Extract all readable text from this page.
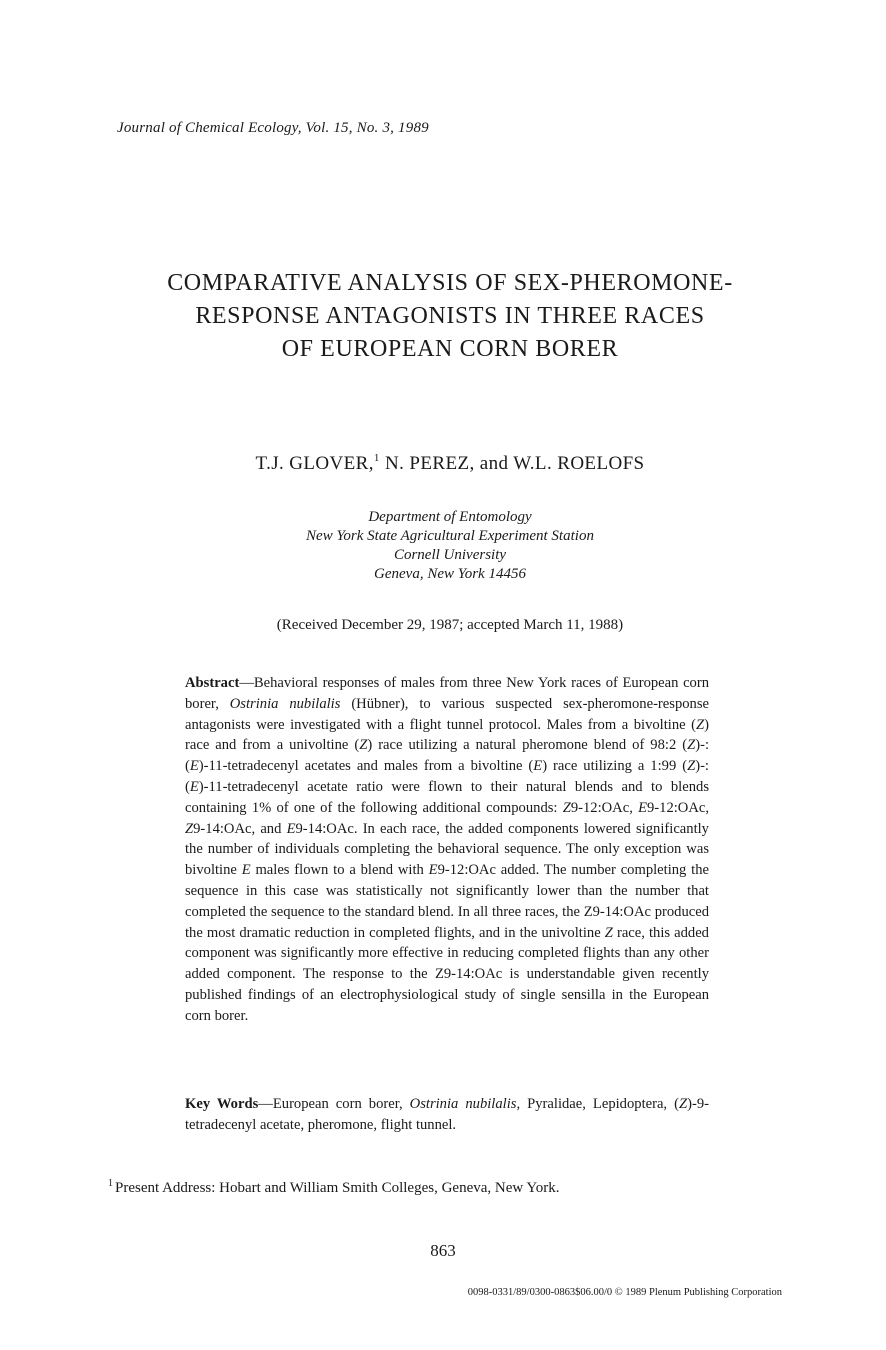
Journal of Chemical Ecology, Vol. 15, No. 3, 1989
COMPARATIVE ANALYSIS OF SEX-PHEROMONE-
RESPONSE ANTAGONISTS IN THREE RACES
OF EUROPEAN CORN BORER
T.J. GLOVER,$^1$ N. PEREZ, and W.L. ROELOFS
Department of Entomology
New York State Agricultural Experiment Station
Cornell University
Geneva, New York 14456
(Received December 29, 1987; accepted March 11, 1988)
Abstract—Behavioral responses of males from three New York races of European corn borer, Ostrinia nubilalis (Hübner), to various suspected sex-pheromone-response antagonists were investigated with a flight tunnel protocol. Males from a bivoltine (Z) race and from a univoltine (Z) race utilizing a natural pheromone blend of 98:2 (Z)-:(E)-11-tetradecenyl acetates and males from a bivoltine (E) race utilizing a 1:99 (Z)-:(E)-11-tetradecenyl acetate ratio were flown to their natural blends and to blends containing 1% of one of the following additional compounds: Z9-12:OAc, E9-12:OAc, Z9-14:OAc, and E9-14:OAc. In each race, the added components lowered significantly the number of individuals completing the behavioral sequence. The only exception was bivoltine E males flown to a blend with E9-12:OAc added. The number completing the sequence in this case was statistically not significantly lower than the number that completed the sequence to the standard blend. In all three races, the Z9-14:OAc produced the most dramatic reduction in completed flights, and in the univoltine Z race, this added component was significantly more effective in reducing completed flights than any other added component. The response to the Z9-14:OAc is understandable given recently published findings of an electrophysiological study of single sensilla in the European corn borer.
Key Words—European corn borer, Ostrinia nubilalis, Pyralidae, Lepidoptera, (Z)-9-tetradecenyl acetate, pheromone, flight tunnel.
$^1$ Present Address: Hobart and William Smith Colleges, Geneva, New York.
863
0098-0331/89/0300-0863$06.00/0 © 1989 Plenum Publishing Corporation
